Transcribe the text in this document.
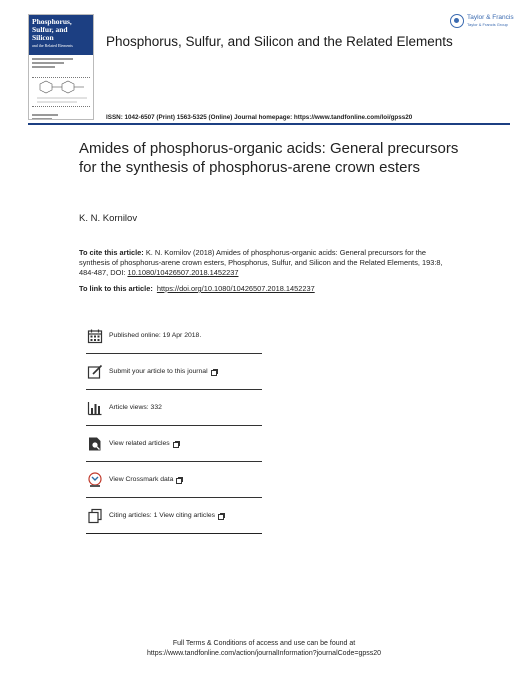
Phosphorus,
Sulfur, and
Silicon
and the Related Elements	Phosphorus, Sulfur, and Silicon and the Related Elements
Taylor & Francis
Taylor & Francis Group
ISSN: 1042-6507 (Print) 1563-5325 (Online) Journal homepage: https://www.tandfonline.com/loi/gpss20
Amides of phosphorus-organic acids: General precursors for the synthesis of phosphorus-arene crown esters
K. N. Kornilov
To cite this article: K. N. Kornilov (2018) Amides of phosphorus-organic acids: General precursors for the synthesis of phosphorus-arene crown esters, Phosphorus, Sulfur, and Silicon and the Related Elements, 193:8, 484-487, DOI: 10.1080/10426507.2018.1452237
To link to this article: https://doi.org/10.1080/10426507.2018.1452237
Published online: 19 Apr 2018.
Submit your article to this journal
Article views: 332
View related articles
View Crossmark data
Citing articles: 1 View citing articles
Full Terms & Conditions of access and use can be found at
https://www.tandfonline.com/action/journalInformation?journalCode=gpss20
